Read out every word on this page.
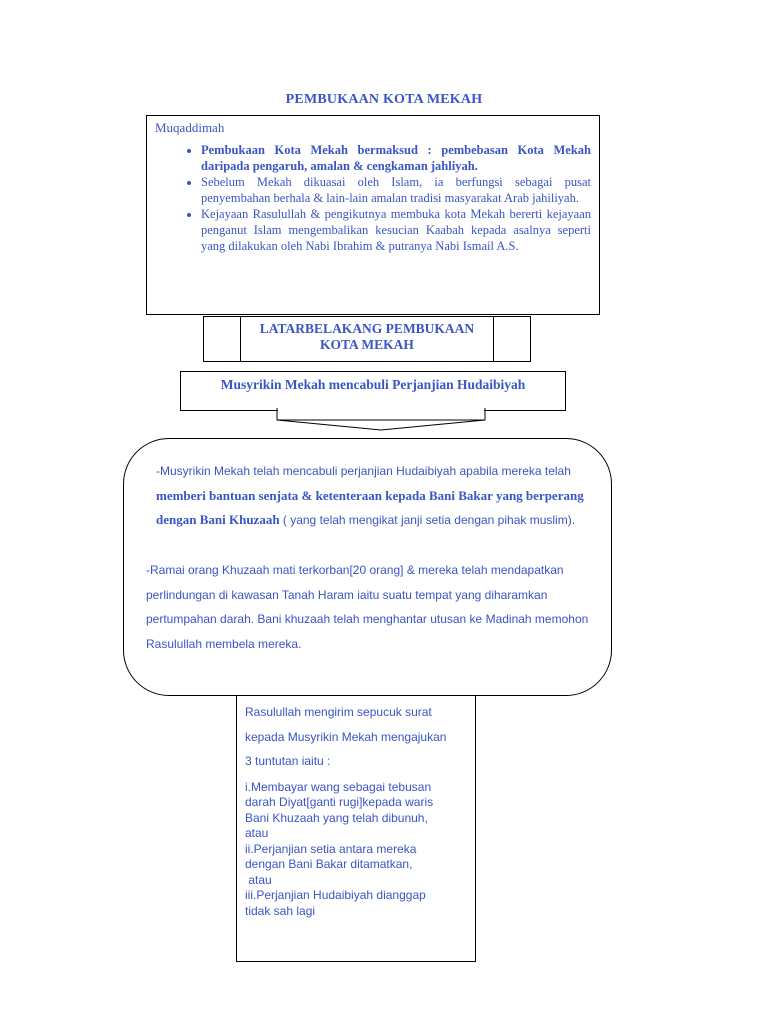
PEMBUKAAN KOTA MEKAH
Muqaddimah
• Pembukaan Kota Mekah bermaksud : pembebasan Kota Mekah daripada pengaruh, amalan & cengkaman jahliyah.
• Sebelum Mekah dikuasai oleh Islam, ia berfungsi sebagai pusat penyembahan berhala & lain-lain amalan tradisi masyarakat Arab jahiliyah.
• Kejayaan Rasulullah & pengikutnya membuka kota Mekah bererti kejayaan penganut Islam mengembalikan kesucian Kaabah kepada asalnya seperti yang dilakukan oleh Nabi Ibrahim & putranya Nabi Ismail A.S.
LATARBELAKANG PEMBUKAAN
KOTA MEKAH
Musyrikin Mekah mencabuli Perjanjian Hudaibiyah
-Musyrikin Mekah telah mencabuli perjanjian Hudaibiyah apabila mereka telah memberi bantuan senjata & ketenteraan kepada Bani Bakar yang berperang dengan Bani Khuzaah ( yang telah mengikat janji setia dengan pihak muslim).
-Ramai orang Khuzaah mati terkorban[20 orang] & mereka telah mendapatkan perlindungan di kawasan Tanah Haram iaitu suatu tempat yang diharamkan pertumpahan darah. Bani khuzaah telah menghantar utusan ke Madinah memohon Rasulullah membela mereka.
Rasulullah mengirim sepucuk surat
kepada Musyrikin Mekah mengajukan
3 tuntutan iaitu :
i.Membayar wang sebagai tebusan
darah Diyat[ganti rugi]kepada waris
Bani Khuzaah yang telah dibunuh,
atau
ii.Perjanjian setia antara mereka
dengan Bani Bakar ditamatkan,
atau
iii.Perjanjian Hudaibiyah dianggap
tidak sah lagi
